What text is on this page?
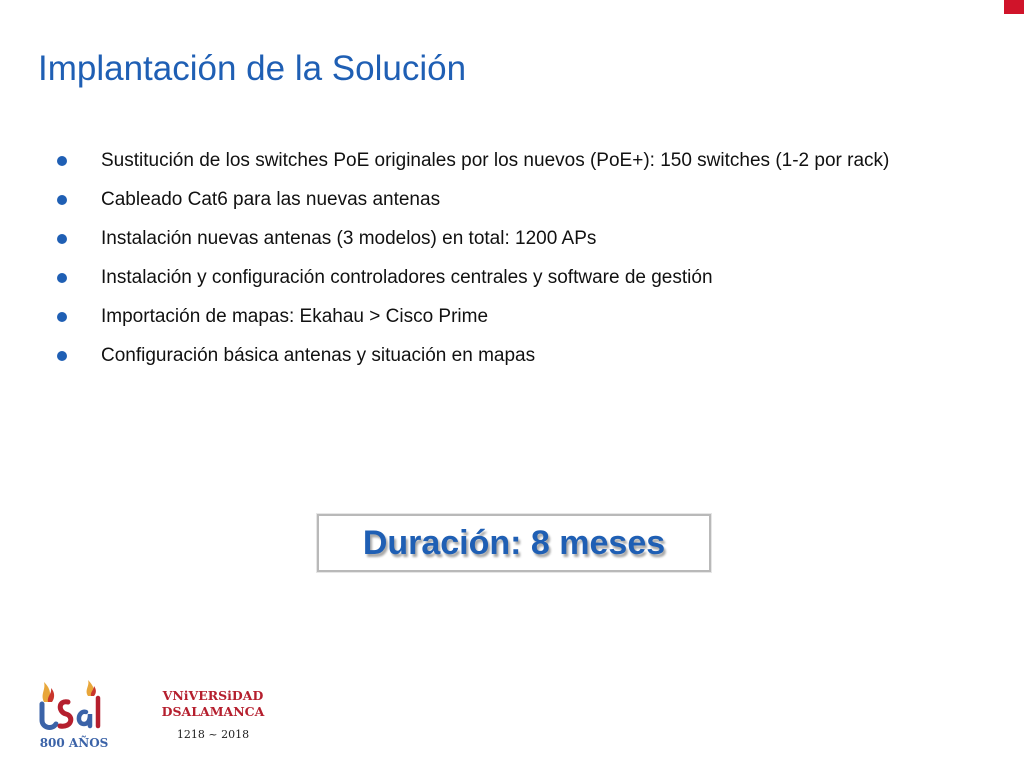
Implantación de la Solución
Sustitución de los switches PoE originales por los nuevos (PoE+): 150 switches (1-2 por rack)
Cableado Cat6 para las nuevas antenas
Instalación nuevas antenas (3 modelos) en total: 1200 APs
Instalación y configuración controladores centrales y software de gestión
Importación de mapas: Ekahau > Cisco Prime
Configuración básica antenas y situación en mapas
Duración: 8 meses
800 AÑOS
VNiVERSiDAD
DSALAMANCA
1218 ~ 2018
